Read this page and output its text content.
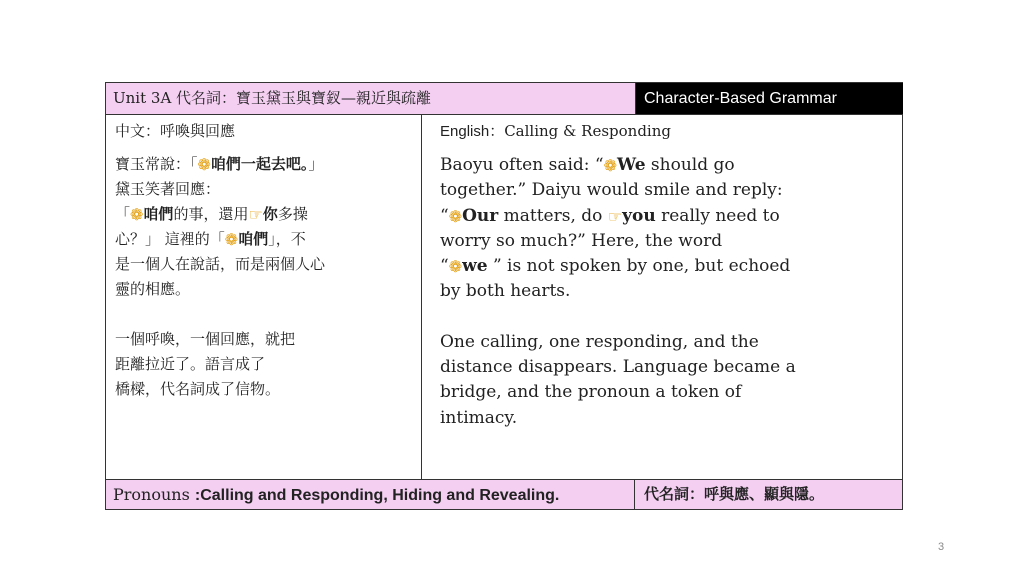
Unit 3A 代名詞：寶玉黛玉與寶釵—親近與疏離	Character-Based Grammar
中文：呼喚與回應
寶玉常說：「❁咱們一起去吧。」
黛玉笑著回應：
「❁咱們的事，還用☞你多操
心？」 這裡的「❁咱們」，不
是一個人在說話，而是兩個人心
靈的相應。
一個呼喚，一個回應，就把
距離拉近了。語言成了
橋樑，代名詞成了信物。
English：Calling & Responding
Baoyu often said: “❁We should go
together.” Daiyu would smile and reply:
“❁Our matters, do ☞you really need to
worry so much?” Here, the word
“❁we ” is not spoken by one, but echoed
by both hearts.
One calling, one responding, and the
distance disappears. Language became a
bridge, and the pronoun a token of
intimacy.
Pronouns :Calling and Responding, Hiding and Revealing.	代名詞：呼與應、顯與隱。
3
